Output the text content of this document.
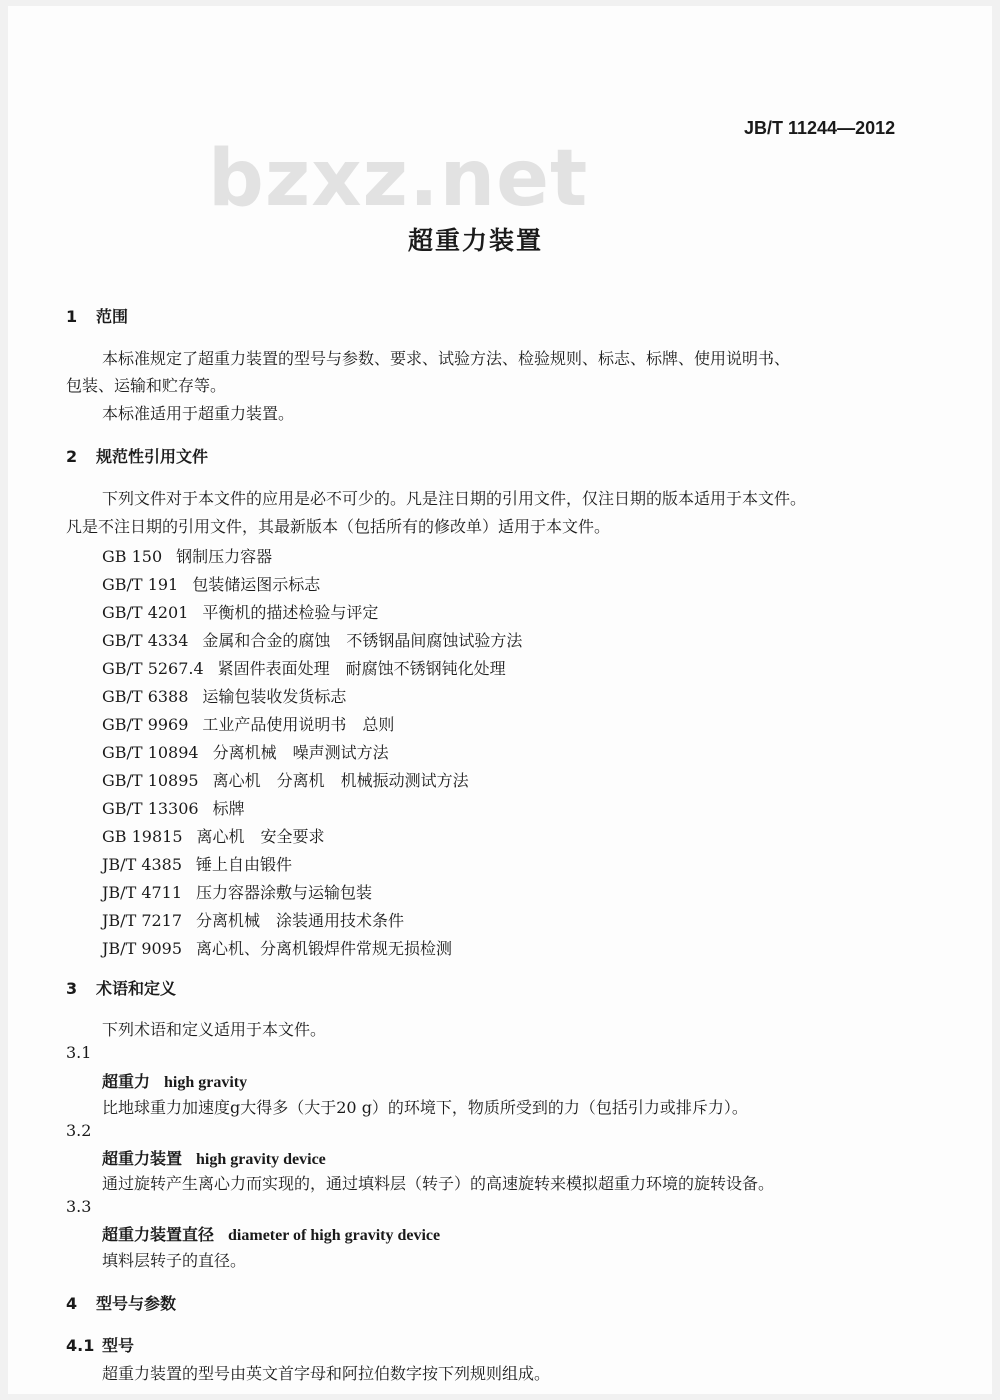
JB/T 11244—2012
bzxz.net
超重力装置
1 范围
本标准规定了超重力装置的型号与参数、要求、试验方法、检验规则、标志、标牌、使用说明书、
包装、运输和贮存等。
本标准适用于超重力装置。
2 规范性引用文件
下列文件对于本文件的应用是必不可少的。凡是注日期的引用文件，仅注日期的版本适用于本文件。
凡是不注日期的引用文件，其最新版本（包括所有的修改单）适用于本文件。
GB 150 钢制压力容器
GB/T 191 包装储运图示标志
GB/T 4201 平衡机的描述检验与评定
GB/T 4334 金属和合金的腐蚀　不锈钢晶间腐蚀试验方法
GB/T 5267.4 紧固件表面处理　耐腐蚀不锈钢钝化处理
GB/T 6388 运输包装收发货标志
GB/T 9969 工业产品使用说明书　总则
GB/T 10894 分离机械　噪声测试方法
GB/T 10895 离心机　分离机　机械振动测试方法
GB/T 13306 标牌
GB 19815 离心机　安全要求
JB/T 4385 锤上自由锻件
JB/T 4711 压力容器涂敷与运输包装
JB/T 7217 分离机械　涂装通用技术条件
JB/T 9095 离心机、分离机锻焊件常规无损检测
3 术语和定义
下列术语和定义适用于本文件。
3.1
超重力 high gravity
比地球重力加速度g大得多（大于20 g）的环境下，物质所受到的力（包括引力或排斥力）。
3.2
超重力装置 high gravity device
通过旋转产生离心力而实现的，通过填料层（转子）的高速旋转来模拟超重力环境的旋转设备。
3.3
超重力装置直径 diameter of high gravity device
填料层转子的直径。
4 型号与参数
4.1 型号
超重力装置的型号由英文首字母和阿拉伯数字按下列规则组成。
